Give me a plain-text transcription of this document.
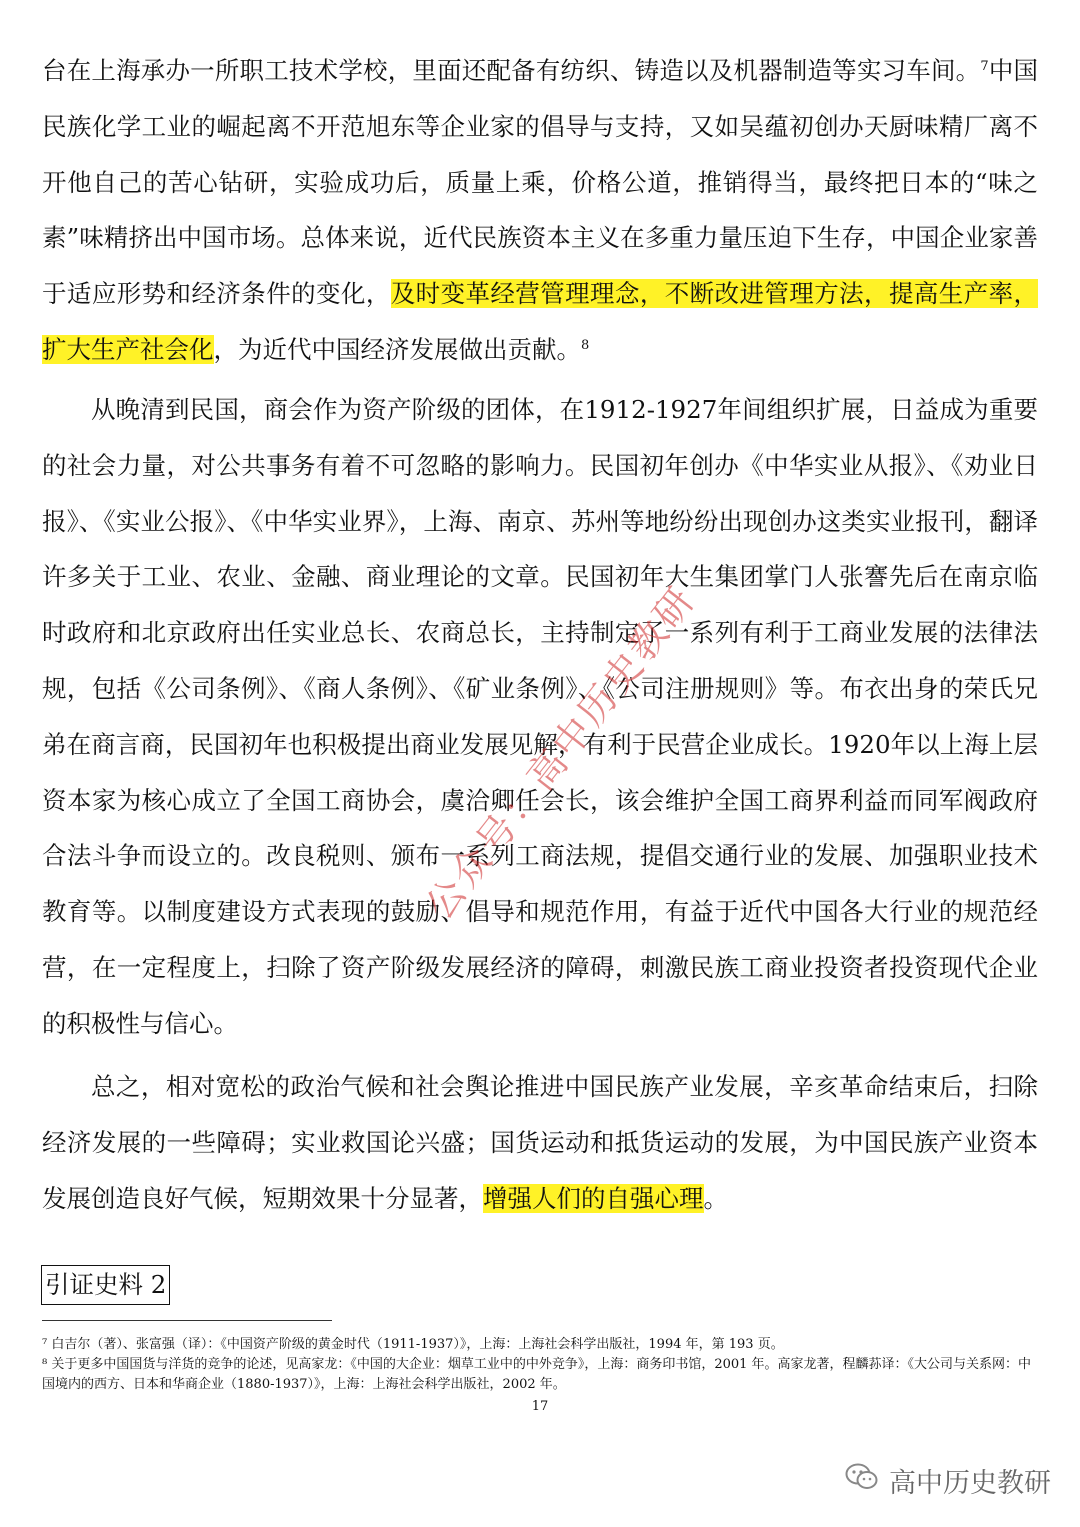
台在上海承办一所职工技术学校，里面还配备有纺织、铸造以及机器制造等实习车间。$^7$中国民族化学工业的崛起离不开范旭东等企业家的倡导与支持，又如吴蕴初创办天厨味精厂离不开他自己的苦心钻研，实验成功后，质量上乘，价格公道，推销得当，最终把日本的“味之素”味精挤出中国市场。总体来说，近代民族资本主义在多重力量压迫下生存，中国企业家善于适应形势和经济条件的变化，及时变革经营管理理念，不断改进管理方法，提高生产率，扩大生产社会化，为近代中国经济发展做出贡献。$^8$

从晚清到民国，商会作为资产阶级的团体，在1912-1927年间组织扩展，日益成为重要的社会力量，对公共事务有着不可忽略的影响力。民国初年创办《中华实业从报》、《劝业日报》、《实业公报》、《中华实业界》，上海、南京、苏州等地纷纷出现创办这类实业报刊，翻译许多关于工业、农业、金融、商业理论的文章。民国初年大生集团掌门人张謇先后在南京临时政府和北京政府出任实业总长、农商总长，主持制定了一系列有利于工商业发展的法律法规，包括《公司条例》、《商人条例》、《矿业条例》、《公司注册规则》等。布衣出身的荣氏兄弟在商言商，民国初年也积极提出商业发展见解，有利于民营企业成长。1920年以上海上层资本家为核心成立了全国工商协会，虞洽卿任会长，该会维护全国工商界利益而同军阀政府合法斗争而设立的。改良税则、颁布一系列工商法规，提倡交通行业的发展、加强职业技术教育等。以制度建设方式表现的鼓励、倡导和规范作用，有益于近代中国各大行业的规范经营，在一定程度上，扫除了资产阶级发展经济的障碍，刺激民族工商业投资者投资现代企业的积极性与信心。

总之，相对宽松的政治气候和社会舆论推进中国民族产业发展，辛亥革命结束后，扫除经济发展的一些障碍；实业救国论兴盛；国货运动和抵货运动的发展，为中国民族产业资本发展创造良好气候，短期效果十分显著，增强人们的自强心理。

引证史料 2

⁷ 白吉尔（著）、张富强（译）：《中国资产阶级的黄金时代（1911-1937）》，上海：上海社会科学出版社，1994 年，第 193 页。

⁸ 关于更多中国国货与洋货的竞争的论述，见高家龙：《中国的大企业：烟草工业中的中外竞争》，上海：商务印书馆，2001 年。高家龙著，程麟荪译：《大公司与关系网：中国境内的西方、日本和华商企业（1880-1937）》，上海：上海社会科学出版社，2002 年。

17
公众号：高中历史教研
高中历史教研
